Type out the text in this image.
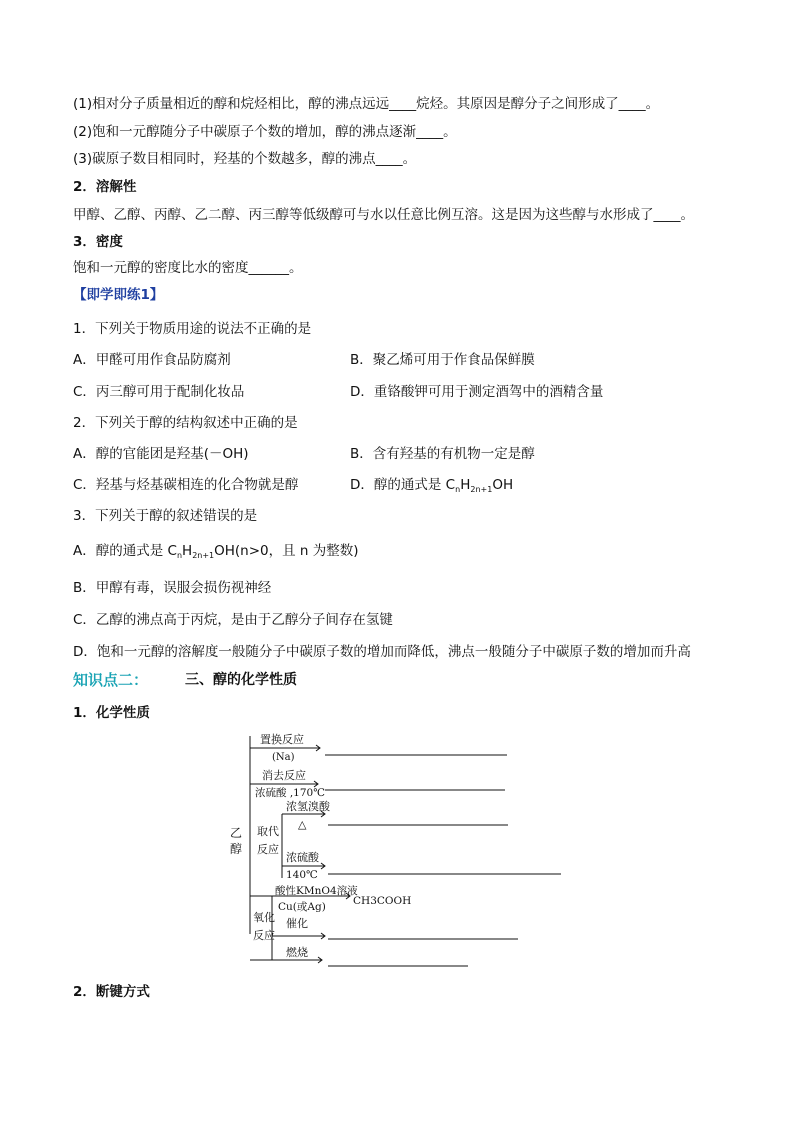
(1)相对分子质量相近的醇和烷烃相比，醇的沸点远远____烷烃。其原因是醇分子之间形成了____。
(2)饱和一元醇随分子中碳原子个数的增加，醇的沸点逐渐____。
(3)碳原子数目相同时，羟基的个数越多，醇的沸点____。
2．溶解性
甲醇、乙醇、丙醇、乙二醇、丙三醇等低级醇可与水以任意比例互溶。这是因为这些醇与水形成了____。
3．密度
饱和一元醇的密度比水的密度______。
【即学即练1】
1．下列关于物质用途的说法不正确的是
A．甲醛可用作食品防腐剂	B．聚乙烯可用于作食品保鲜膜
C．丙三醇可用于配制化妆品	D．重铬酸钾可用于测定酒驾中的酒精含量
2．下列关于醇的结构叙述中正确的是
A．醇的官能团是羟基(－OH)	B．含有羟基的有机物一定是醇
C．羟基与烃基碳相连的化合物就是醇	D．醇的通式是 $C_nH_{2n+1}OH$
3．下列关于醇的叙述错误的是
A．醇的通式是 $C_nH_{2n+1}OH(n>0$，且 n 为整数)
B．甲醇有毒，误服会损伤视神经
C．乙醇的沸点高于丙烷，是由于乙醇分子间存在氢键
D．饱和一元醇的溶解度一般随分子中碳原子数的增加而降低，沸点一般随分子中碳原子数的增加而升高
知识点二：	三、醇的化学性质
1．化学性质
乙
醇
置换反应
(Na)
消去反应
浓硫酸 ,170℃
取代
反应
浓氢溴酸
△
浓硫酸
140℃
酸性KMnO4溶液
CH3COOH
氧化
反应
Cu(或Ag)
催化
燃烧
2．断键方式
